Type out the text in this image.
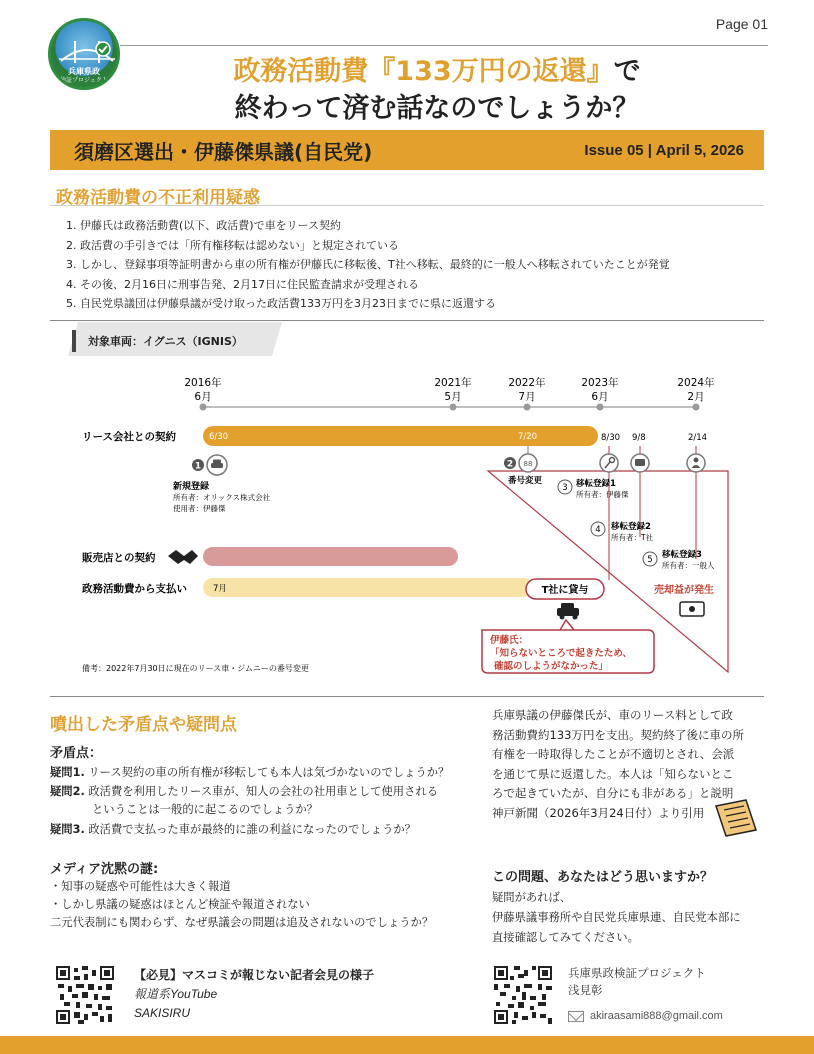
兵庫県政
検証プロジェクト
Page 01
政務活動費『133万円の返還』で
終わって済む話なのでしょうか？
須磨区選出・伊藤傑県議(自民党)	Issue 05 | April 5, 2026
政務活動費の不正利用疑惑
1. 伊藤氏は政務活動費(以下、政活費)で車をリース契約
2. 政活費の手引きでは「所有権移転は認めない」と規定されている
3. しかし、登録事項等証明書から車の所有権が伊藤氏に移転後、T社へ移転、最終的に一般人へ移転されていたことが発覚
4. その後、2月16日に刑事告発、2月17日に住民監査請求が受理される
5. 自民党県議団は伊藤県議が受け取った政活費133万円を3月23日までに県に返還する
対象車両：イグニス（IGNIS）
2016年
6月
2021年
5月
2022年
7月
2023年
6月
2024年
2月
リース会社との契約	6/30	7/20	8/30 9/8	2/14
1
新規登録
所有者：オリックス株式会社
使用者：伊藤傑
2 88
番号変更
3 移転登録1
所有者：伊藤傑
4 移転登録2
所有者：T社
5 移転登録3
所有者：一般人
販売店との契約
政務活動費から支払い	7月	T社に貸与	売却益が発生
伊藤氏：
「知らないところで起きたため、
確認のしようがなかった」
備考：2022年7月30日に現在のリース車・ジムニーの番号変更
噴出した矛盾点や疑問点
矛盾点：
疑問1. リース契約の車の所有権が移転しても本人は気づかないのでしょうか？
疑問2. 政活費を利用したリース車が、知人の会社の社用車として使用される
ということは一般的に起こるのでしょうか？
疑問3. 政活費で支払った車が最終的に誰の利益になったのでしょうか？
メディア沈黙の謎:
・知事の疑惑や可能性は大きく報道
・しかし県議の疑惑はほとんど検証や報道されない
二元代表制にも関わらず、なぜ県議会の問題は追及されないのでしょうか？
兵庫県議の伊藤傑氏が、車のリース料として政
務活動費約133万円を支出。契約終了後に車の所
有権を一時取得したことが不適切とされ、会派
を通じて県に返還した。本人は「知らないとこ
ろで起きていたが、自分にも非がある」と説明
神戸新聞（2026年3月24日付）より引用
この問題、あなたはどう思いますか？
疑問があれば、
伊藤県議事務所や自民党兵庫県連、自民党本部に
直接確認してみてください。
【必見】マスコミが報じない記者会見の様子
報道系YouTube
SAKISIRU
兵庫県政検証プロジェクト
浅見彰
akiraasami888@gmail.com
